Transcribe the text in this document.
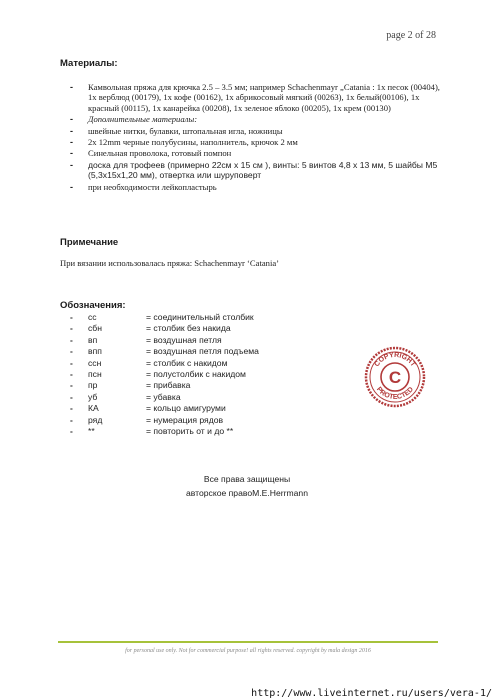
page 2 of 28
Материалы:
- Камвольная пряжа для крючка 2.5 – 3.5 мм; например Schachenmayr „Catania : 1х песок (00404), 1х верблюд (00179), 1х кофе (00162), 1х абрикосовый мягкий (00263), 1х белый(00106), 1х красный (00115), 1х канарейка (00208), 1х зеленое яблоко (00205), 1х крем (00130)
- Дополнительные материалы:
- швейные нитки, булавки, штопальная игла, ножницы
- 2х 12mm черные полубусины, наполнитель, крючок 2 мм
- Синельная проволока, готовый помпон
- доска для трофеев (примерно 22см х 15 см ), винты: 5 винтов 4,8 х 13 мм, 5 шайбы М5 (5,3х15х1,20 мм), отвертка или шуруповерт
- при необходимости лейкопластырь
Примечание
При вязании использовалась пряжа: Schachenmayr ‘Catania’
Обозначения:
- сс	= соединительный столбик
- сбн	= столбик без накида
- вп	= воздушная петля
- впп	= воздушная петля подъема
- ссн	= столбик с накидом
- псн	= полустолбик с накидом
- пр	= прибавка
- уб	= убавка
- КА	= кольцо амигуруми
- ряд	= нумерация рядов
- **	= повторить от и до **
COPYRIGHT
PROTECTED
C
Все права защищены
авторское правоM.E.Herrmann
for personal use only. Not for commercial purpose! all rights reserved. copyright by mala design 2016
http://www.liveinternet.ru/users/vera-1/
